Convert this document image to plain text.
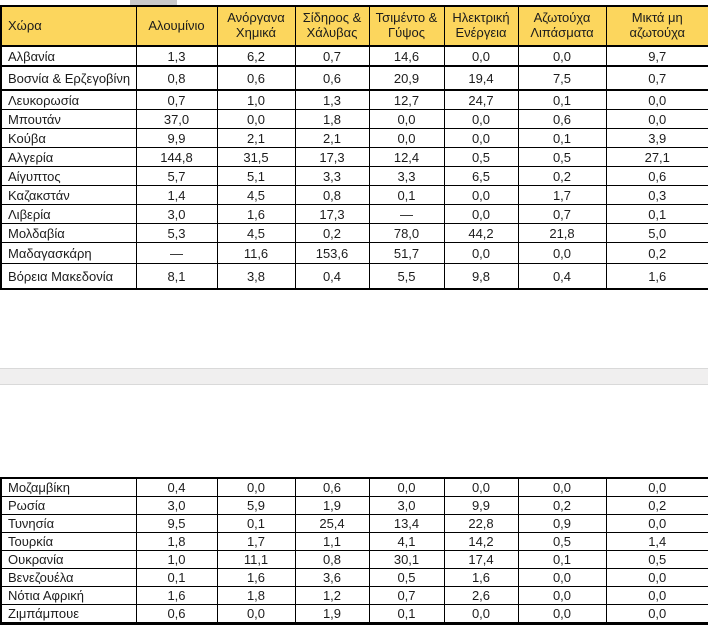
Χώρα	Αλουμίνιο	Ανόργανα Χημικά	Σίδηρος & Χάλυβας	Τσιμέντο & Γύψος	Ηλεκτρική Ενέργεια	Αζωτούχα Λιπάσματα	Μικτά μη αζωτούχα
Αλβανία	1,3	6,2	0,7	14,6	0,0	0,0	9,7
Βοσνία & Ερζεγοβίνη	0,8	0,6	0,6	20,9	19,4	7,5	0,7
Λευκορωσία	0,7	1,0	1,3	12,7	24,7	0,1	0,0
Μπουτάν	37,0	0,0	1,8	0,0	0,0	0,6	0,0
Κούβα	9,9	2,1	2,1	0,0	0,0	0,1	3,9
Αλγερία	144,8	31,5	17,3	12,4	0,5	0,5	27,1
Αίγυπτος	5,7	5,1	3,3	3,3	6,5	0,2	0,6
Καζακστάν	1,4	4,5	0,8	0,1	0,0	1,7	0,3
Λιβερία	3,0	1,6	17,3	—	0,0	0,7	0,1
Μολδαβία	5,3	4,5	0,2	78,0	44,2	21,8	5,0
Μαδαγασκάρη	—	11,6	153,6	51,7	0,0	0,0	0,2
Βόρεια Μακεδονία	8,1	3,8	0,4	5,5	9,8	0,4	1,6
Μοζαμβίκη	0,4	0,0	0,6	0,0	0,0	0,0	0,0
Ρωσία	3,0	5,9	1,9	3,0	9,9	0,2	0,2
Τυνησία	9,5	0,1	25,4	13,4	22,8	0,9	0,0
Τουρκία	1,8	1,7	1,1	4,1	14,2	0,5	1,4
Ουκρανία	1,0	11,1	0,8	30,1	17,4	0,1	0,5
Βενεζουέλα	0,1	1,6	3,6	0,5	1,6	0,0	0,0
Νότια Αφρική	1,6	1,8	1,2	0,7	2,6	0,0	0,0
Ζιμπάμπουε	0,6	0,0	1,9	0,1	0,0	0,0	0,0
